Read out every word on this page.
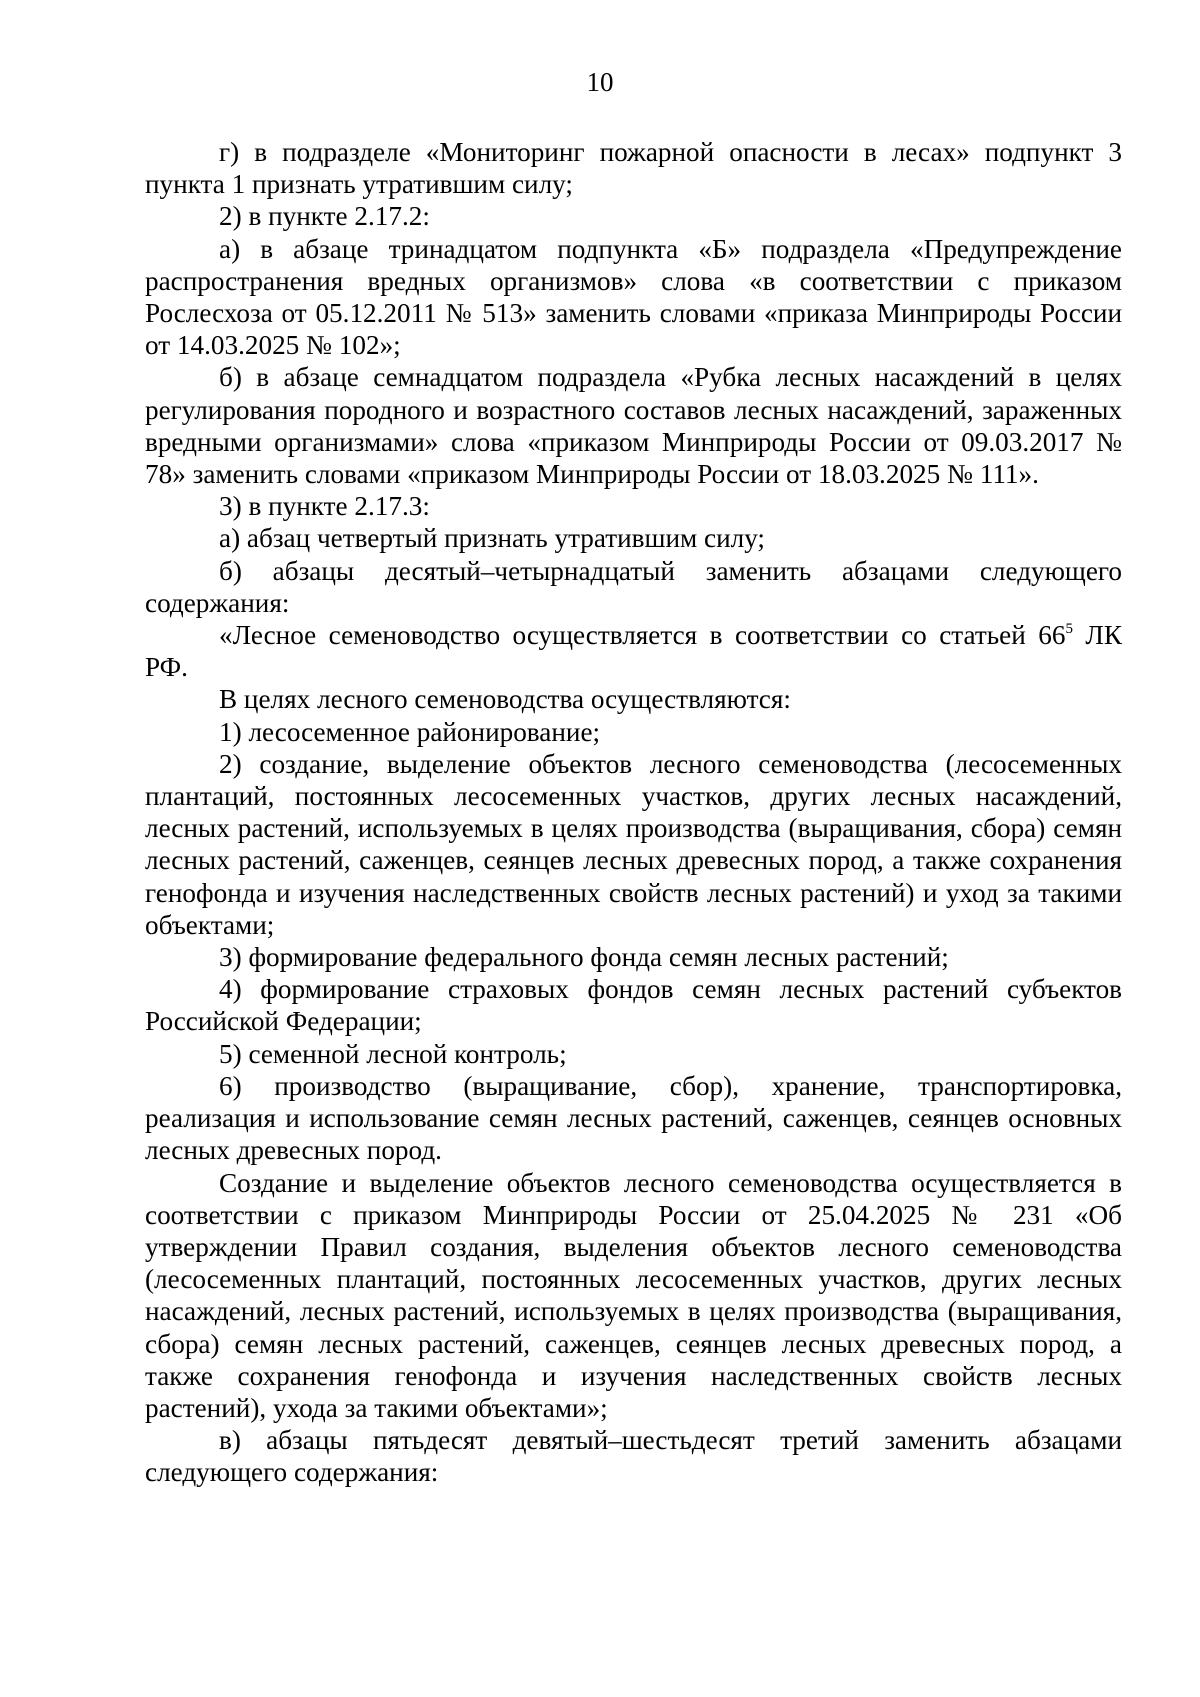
10

г) в подразделе «Мониторинг пожарной опасности в лесах» подпункт 3 пункта 1 признать утратившим силу;

2) в пункте 2.17.2:

а) в абзаце тринадцатом подпункта «Б» подраздела «Предупреждение распространения вредных организмов» слова «в соответствии с приказом Рослесхоза от 05.12.2011 № 513» заменить словами «приказа Минприроды России от 14.03.2025 № 102»;

б) в абзаце семнадцатом подраздела «Рубка лесных насаждений в целях регулирования породного и возрастного составов лесных насаждений, зараженных вредными организмами» слова «приказом Минприроды России от 09.03.2017 № 78» заменить словами «приказом Минприроды России от 18.03.2025 № 111».

3) в пункте 2.17.3:

а) абзац четвертый признать утратившим силу;

б) абзацы десятый–четырнадцатый заменить абзацами следующего содержания:

«Лесное семеноводство осуществляется в соответствии со статьей $66^5$ ЛК РФ.

В целях лесного семеноводства осуществляются:

1) лесосеменное районирование;

2) создание, выделение объектов лесного семеноводства (лесосеменных плантаций, постоянных лесосеменных участков, других лесных насаждений, лесных растений, используемых в целях производства (выращивания, сбора) семян лесных растений, саженцев, сеянцев лесных древесных пород, а также сохранения генофонда и изучения наследственных свойств лесных растений) и уход за такими объектами;

3) формирование федерального фонда семян лесных растений;

4) формирование страховых фондов семян лесных растений субъектов Российской Федерации;

5) семенной лесной контроль;

6) производство (выращивание, сбор), хранение, транспортировка, реализация и использование семян лесных растений, саженцев, сеянцев основных лесных древесных пород.

Создание и выделение объектов лесного семеноводства осуществляется в соответствии с приказом Минприроды России от 25.04.2025 № 231 «Об утверждении Правил создания, выделения объектов лесного семеноводства (лесосеменных плантаций, постоянных лесосеменных участков, других лесных насаждений, лесных растений, используемых в целях производства (выращивания, сбора) семян лесных растений, саженцев, сеянцев лесных древесных пород, а также сохранения генофонда и изучения наследственных свойств лесных растений), ухода за такими объектами»;

в) абзацы пятьдесят девятый–шестьдесят третий заменить абзацами следующего содержания:
